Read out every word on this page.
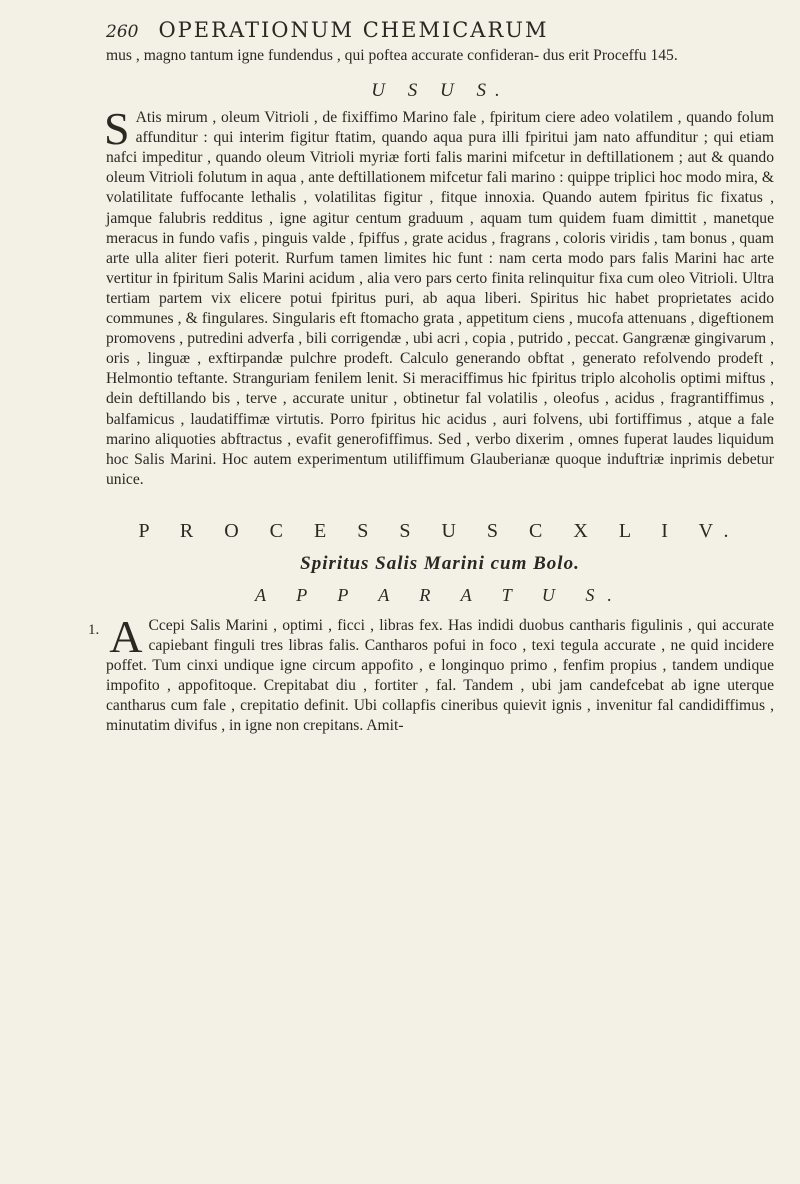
260 OPERATIONUM CHEMICARUM

mus , magno tantum igne fundendus , qui poftea accurate confideran- dus erit Proceffu 145.

U S U S.

S Atis mirum , oleum Vitrioli , de fixiffimo Marino fale , fpiritum ciere adeo volatilem , quando folum affunditur : qui interim figitur ftatim, quando aqua pura illi fpiritui jam nato affunditur ; qui etiam nafci impeditur , quando oleum Vitrioli myriæ forti falis marini mifcetur in deftillationem ; aut & quando oleum Vitrioli folutum in aqua , ante deftillationem mifcetur fali marino : quippe triplici hoc modo mira, & volatilitate fuffocante lethalis , volatilitas figitur , fitque innoxia. Quando autem fpiritus fic fixatus , jamque falubris redditus , igne agitur centum graduum , aquam tum quidem fuam dimittit , manetque meracus in fundo vafis , pinguis valde , fpiffus , grate acidus , fragrans , coloris viridis , tam bonus , quam arte ulla aliter fieri poterit. Rurfum tamen limites hic funt : nam certa modo pars falis Marini hac arte vertitur in fpiritum Salis Marini acidum , alia vero pars certo finita relinquitur fixa cum oleo Vitrioli. Ultra tertiam partem vix elicere potui fpiritus puri, ab aqua liberi. Spiritus hic habet proprietates acido communes , & fingulares. Singularis eft ftomacho grata , appetitum ciens , mucofa attenuans , digeftionem promovens , putredini adverfa , bili corrigendæ , ubi acri , copia , putrido , peccat. Gangrænæ gingivarum , oris , linguæ , exftirpandæ pulchre prodeft. Calculo generando obftat , generato refolvendo prodeft , Helmontio teftante. Stranguriam fenilem lenit. Si meraciffimus hic fpiritus triplo alcoholis optimi miftus , dein deftillando bis , terve , accurate unitur , obtinetur fal volatilis , oleofus , acidus , fragrantiffimus , balfamicus , laudatiffimæ virtutis. Porro fpiritus hic acidus , auri folvens, ubi fortiffimus , atque a fale marino aliquoties abftractus , evafit generofiffimus. Sed , verbo dixerim , omnes fuperat laudes liquidum hoc Salis Marini. Hoc autem experimentum utiliffimum Glauberianæ quoque induftriæ inprimis debetur unice.

P R O C E S S U S C X L I V.
Spiritus Salis Marini cum Bolo.
A P P A R A T U S.

1. A Ccepi Salis Marini , optimi , ficci , libras fex. Has indidi duobus cantharis figulinis , qui accurate capiebant finguli tres libras falis. Cantharos pofui in foco , texi tegula accurate , ne quid incidere poffet. Tum cinxi undique igne circum appofito , e longinquo primo , fenfim propius , tandem undique impofito , appofitoque. Crepitabat diu , fortiter , fal. Tandem , ubi jam candefcebat ab igne uterque cantharus cum fale , crepitatio definit. Ubi collapfis cineribus quievit ignis , invenitur fal candidiffimus , minutatim divifus , in igne non crepitans. Amit-
